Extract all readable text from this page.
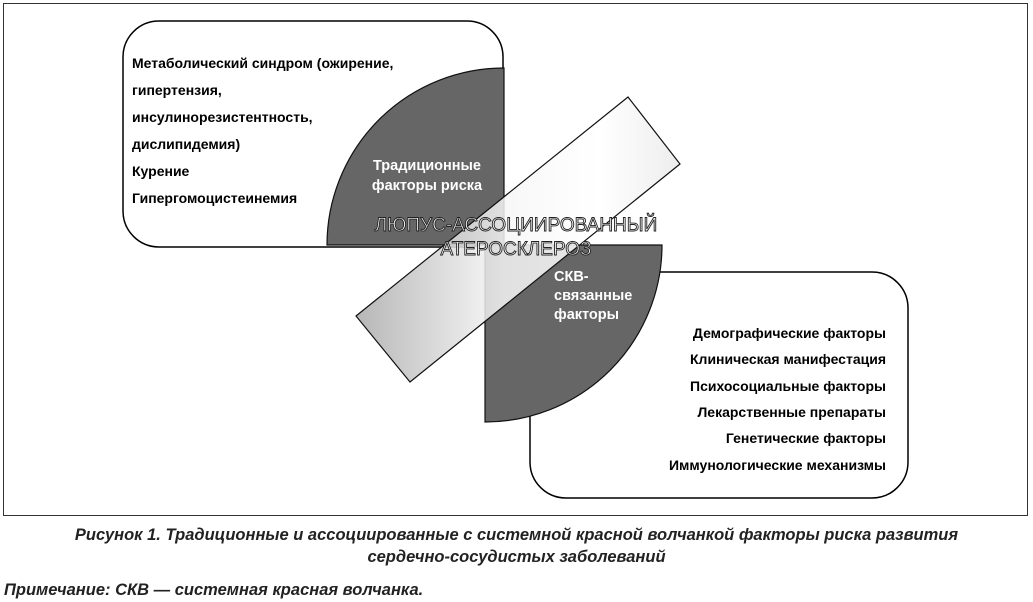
Метаболический синдром (ожирение,
гипертензия,
инсулинорезистентность,
дислипидемия)
Курение
Гипергомоцистеинемия
Традиционные
факторы риска
СКВ-
связанные
факторы
Демографические факторы
Клиническая манифестация
Психосоциальные факторы
Лекарственные препараты
Генетические факторы
Иммунологические механизмы
ЛЮПУС-АССОЦИИРОВАННЫЙ
АТЕРОСКЛЕРОЗ
Рисунок 1. Традиционные и ассоциированные с системной красной волчанкой факторы риска развития
сердечно-сосудистых заболеваний
Примечание: СКВ — системная красная волчанка.
